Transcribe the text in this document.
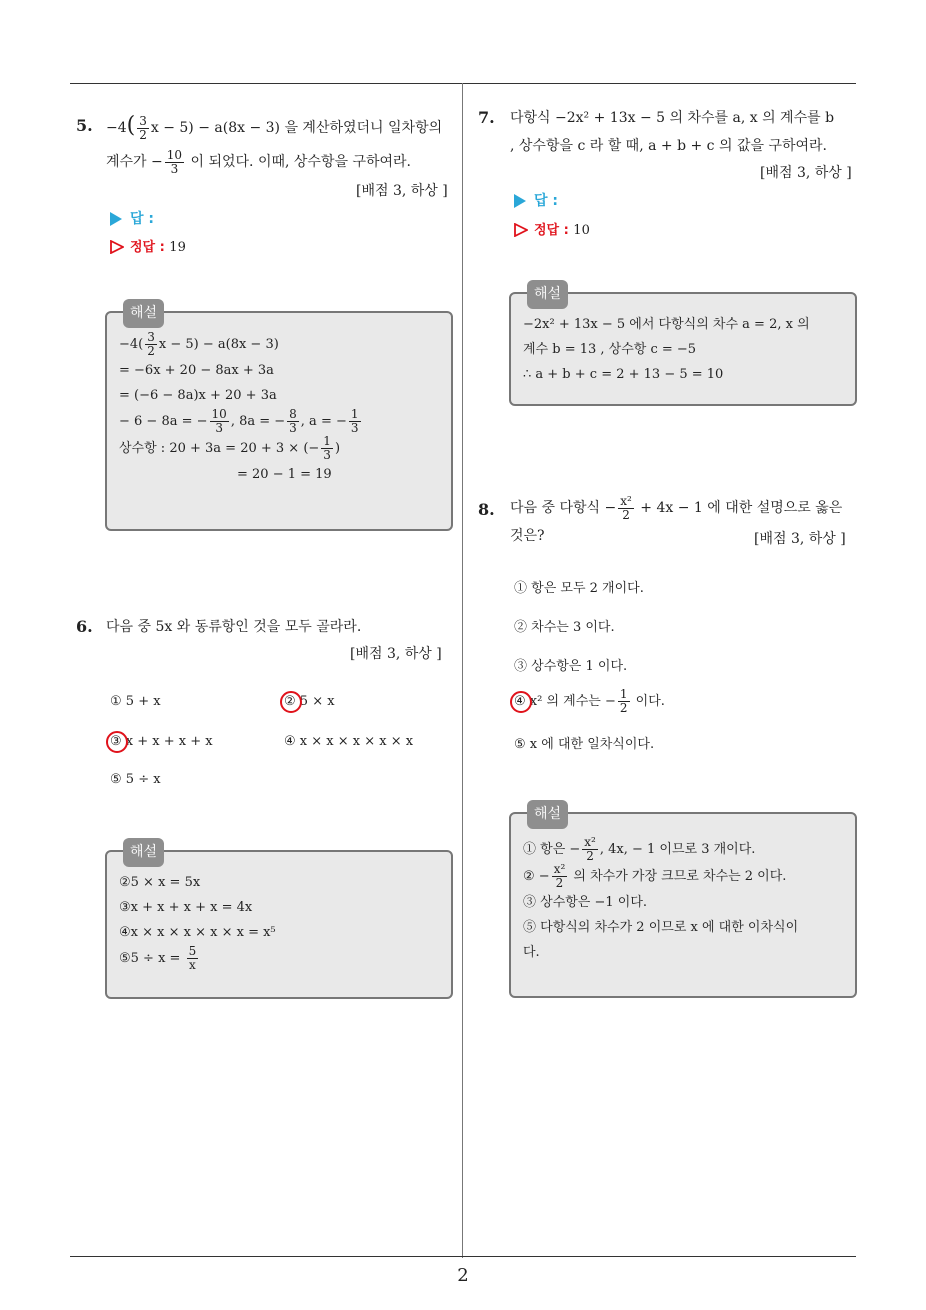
2
5. $-4( \frac{3}{2}$ x − 5) − a(8x − 3) 을 계산하였더니 일차항의
계수가 − $\frac{10}{3}$ 이 되었다. 이때, 상수항을 구하여라.
[배점 3, 하상 ]
답 :
정답 : 19
해설
$-4( \frac{3}{2}$ x − 5) − a(8x − 3)
= −6x + 20 − 8ax + 3a
= (−6 − 8a)x + 20 + 3a
− 6 − 8a = − $\frac{10}{3}$ , 8a = − $\frac{8}{3}$ , a = − $\frac{1}{3}$
상수항 : 20 + 3a = 20 + 3 × (− $\frac{1}{3}$ )
= 20 − 1 = 19
6. 다음 중 5x 와 동류항인 것을 모두 골라라.
[배점 3, 하상 ]
① 5 + x	② 5 × x
③ x + x + x + x	④ x × x × x × x × x
⑤ 5 ÷ x
해설
②5 × x = 5x
③x + x + x + x = 4x
④x × x × x × x × x = x⁵
⑤5 ÷ $x = \frac{5}{x}$
7. 다항식 −2x² + 13x − 5 의 차수를 a, x 의 계수를 b
, 상수항을 c 라 할 때, a + b + c 의 값을 구하여라.
[배점 3, 하상 ]
답 :
정답 : 10
해설
−2x² + 13x − 5 에서 다항식의 차수 a = 2, x 의
계수 b = 13 , 상수항 c = −5
∴ a + b + c = 2 + 13 − 5 = 10
8. 다음 중 다항식 − $\frac{\text{x²}}{2} + 4x - 1$ 에 대한 설명으로 옳은
것은?	[배점 3, 하상 ]
① 항은 모두 2 개이다.
② 차수는 3 이다.
③ 상수항은 1 이다.
④ x² 의 계수는 − $\frac{1}{2}$ 이다.
⑤ x 에 대한 일차식이다.
해설
① 항은 − $\frac{\text{x²}}{2}$ , 4x, − 1 이므로 3 개이다.
② − $\frac{\text{x²}}{2}$ 의 차수가 가장 크므로 차수는 2 이다.
③ 상수항은 −1 이다.
⑤ 다항식의 차수가 2 이므로 x 에 대한 이차식이
다.
